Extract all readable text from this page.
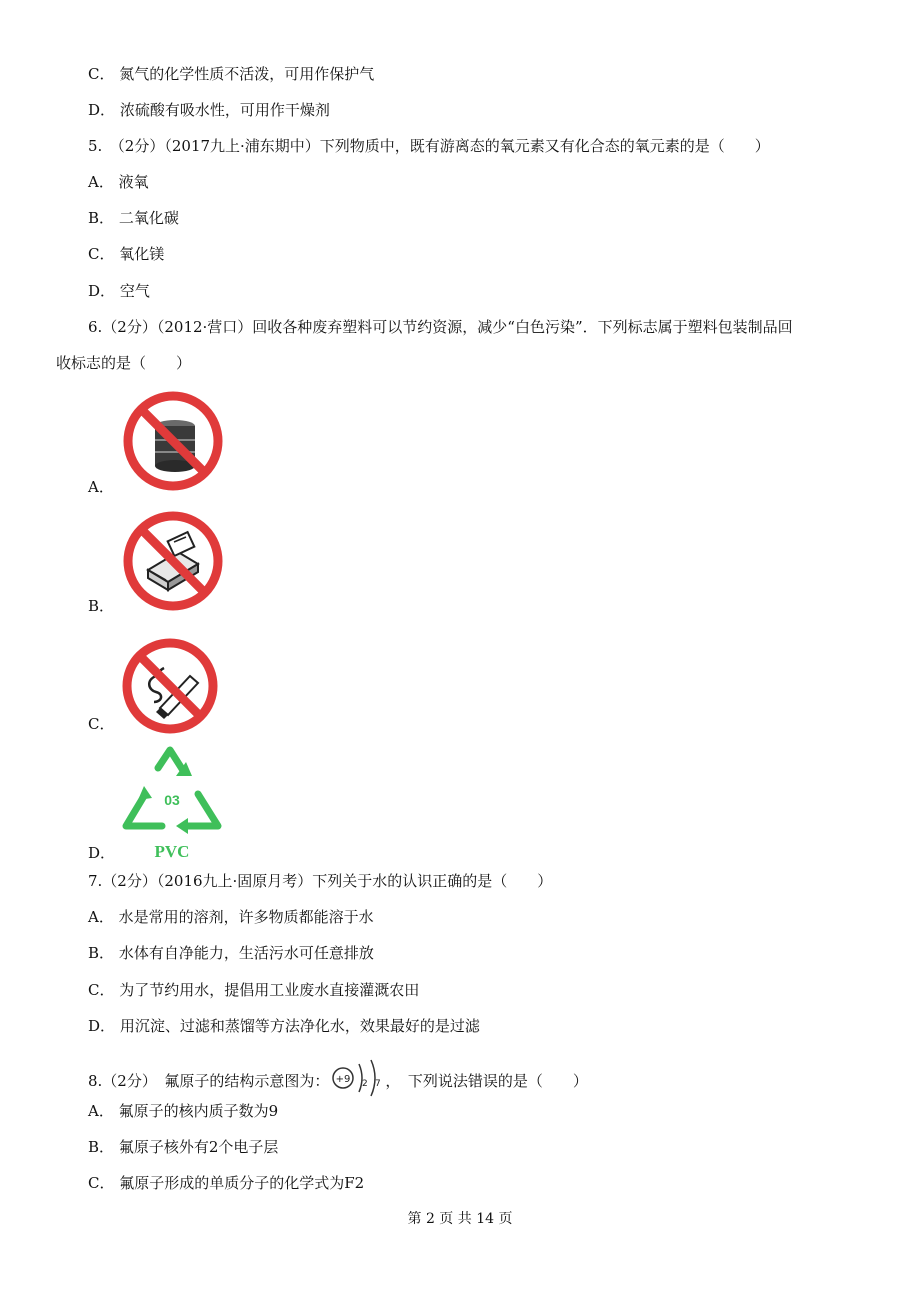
C． 氮气的化学性质不活泼，可用作保护气
D． 浓硫酸有吸水性，可用作干燥剂
5.　（2分）（2017九上·浦东期中）下列物质中，既有游离态的氧元素又有化合态的氧元素的是（　　）
A． 液氧
B． 二氧化碳
C． 氧化镁
D． 空气
6.（2分）（2012·营口）回收各种废弃塑料可以节约资源，减少“白色污染”．下列标志属于塑料包装制品回
收标志的是（　　）
A．
B．
C．
D．
03
PVC
7.（2分）（2016九上·固原月考）下列关于水的认识正确的是（　　）
A． 水是常用的溶剂，许多物质都能溶于水
B． 水体有自净能力，生活污水可任意排放
C． 为了节约用水，提倡用工业废水直接灌溉农田
D． 用沉淀、过滤和蒸馏等方法净化水，效果最好的是过滤
8.（2分）　氟原子的结构示意图为： +9 2 7 ，　下列说法错误的是（　　）
A． 氟原子的核内质子数为9
B． 氟原子核外有2个电子层
C． 氟原子形成的单质分子的化学式为F2
第 2 页 共 14 页
